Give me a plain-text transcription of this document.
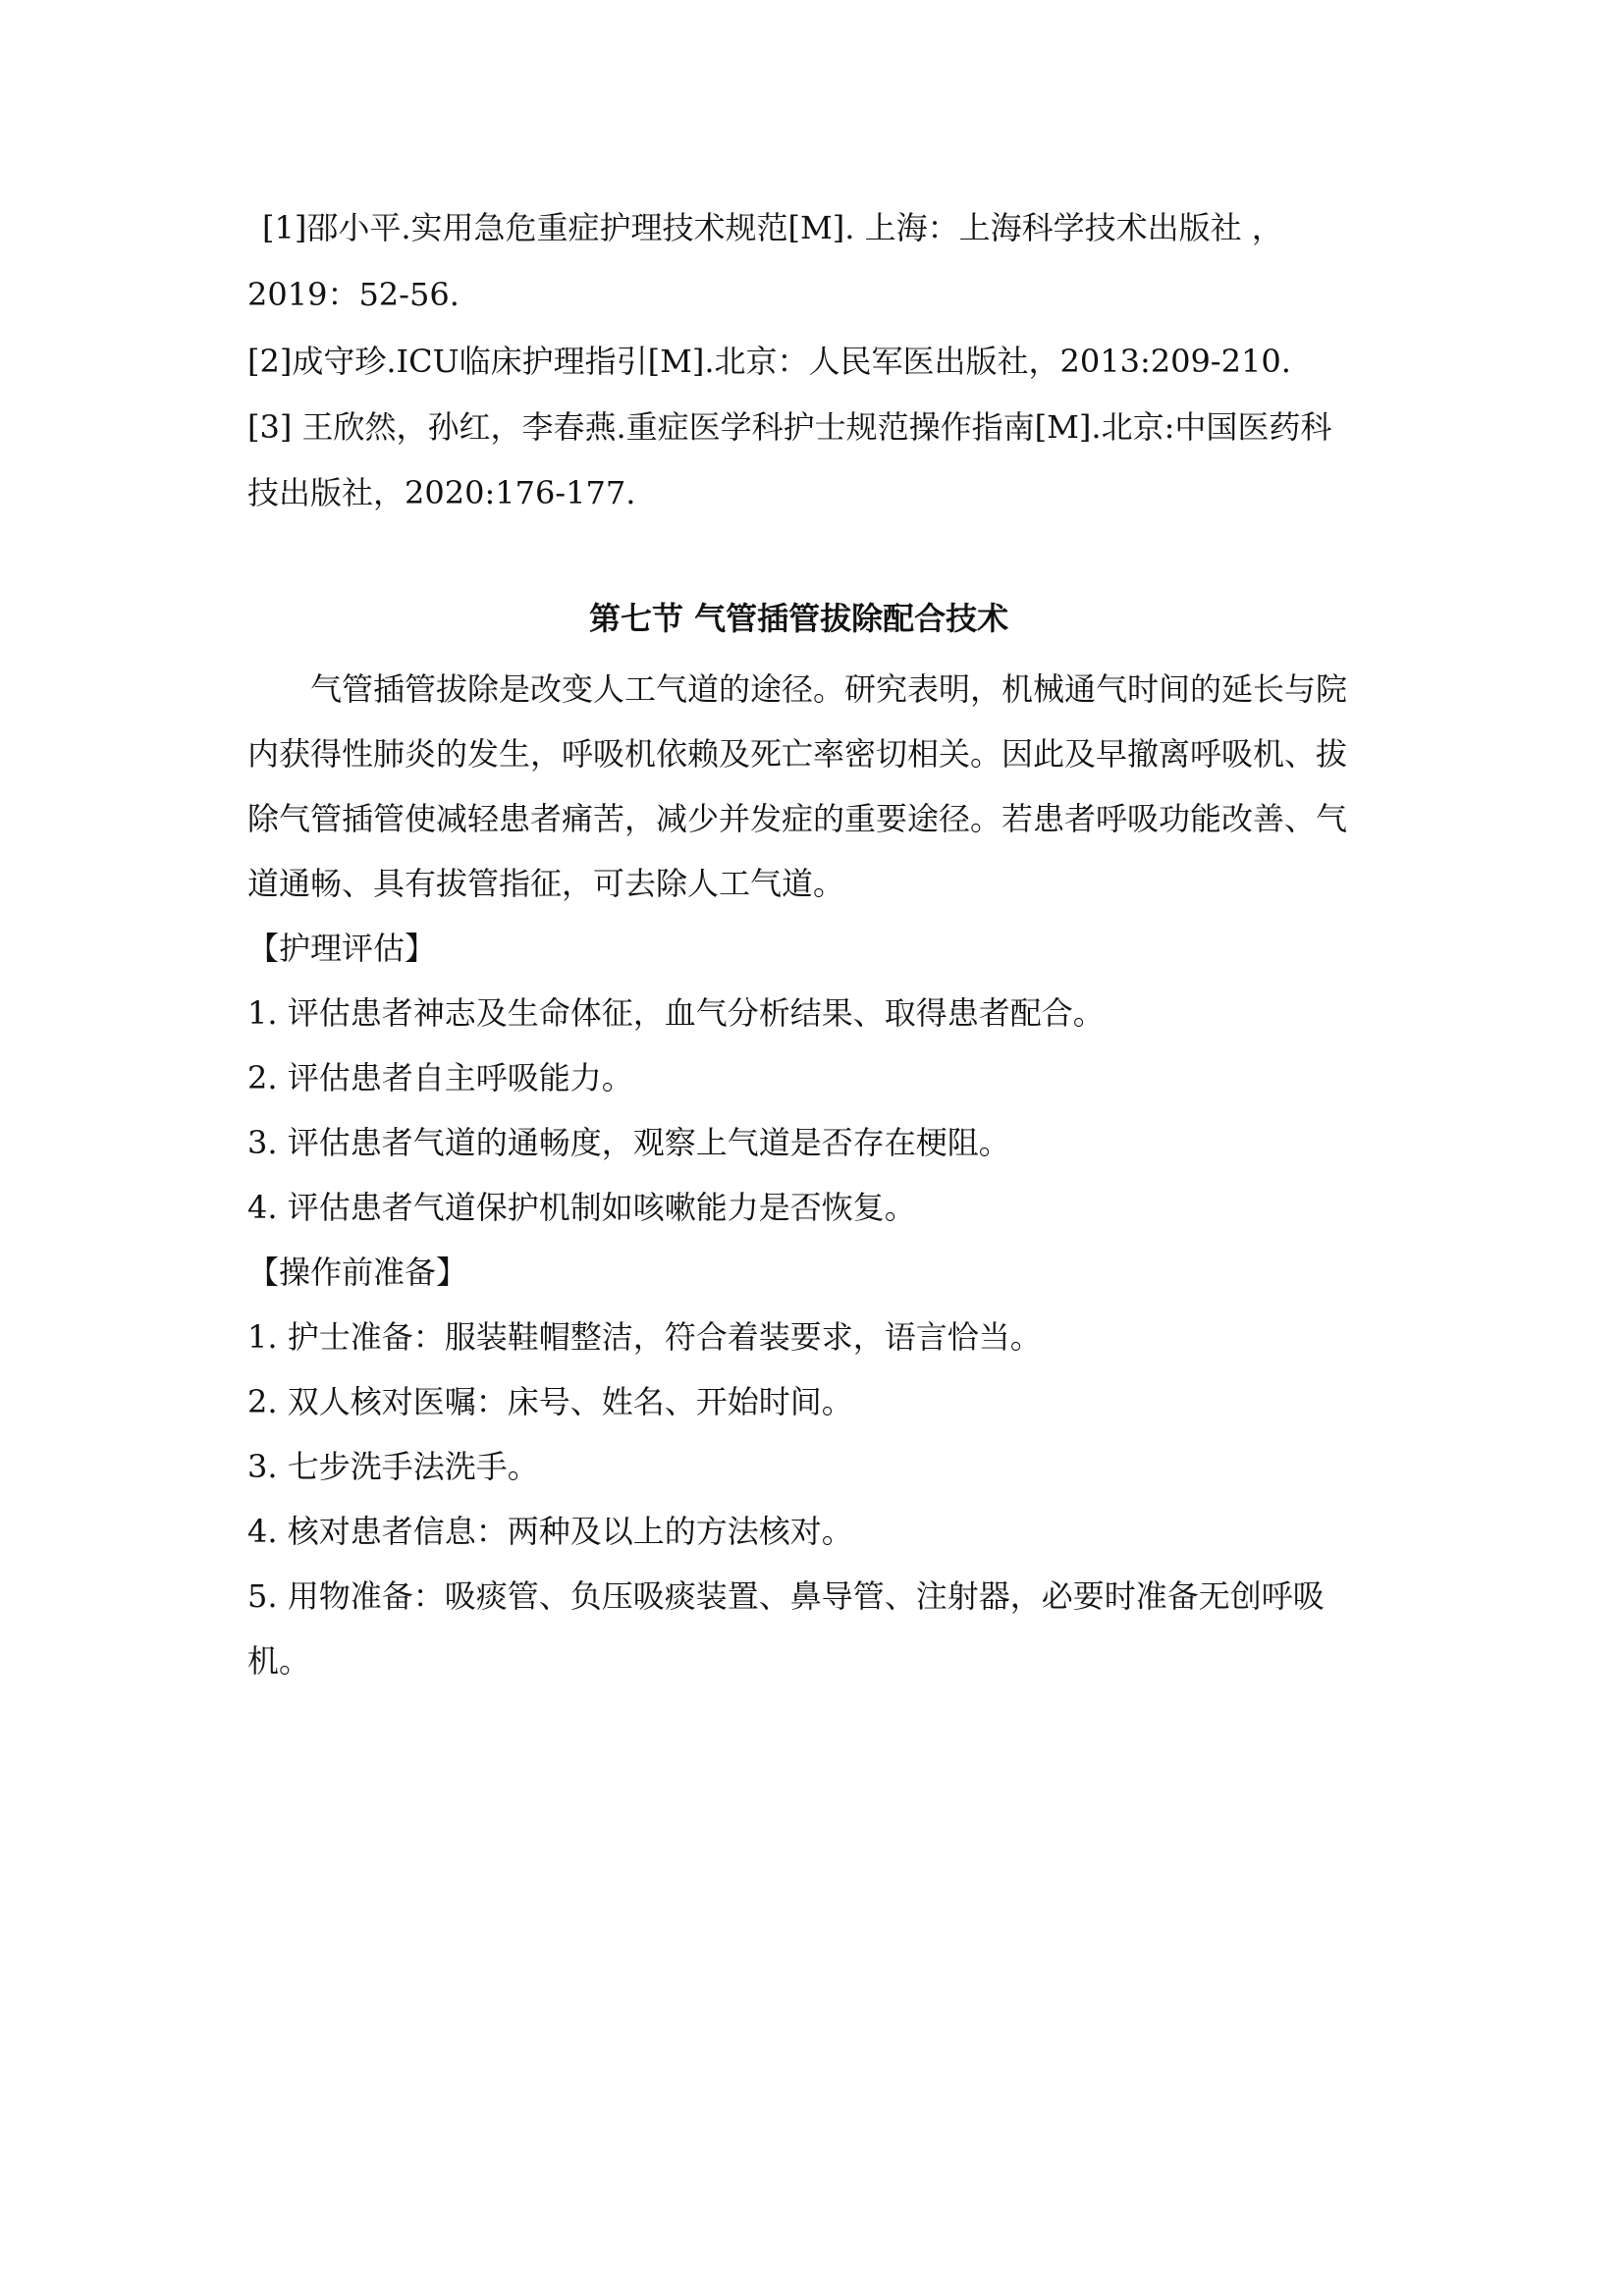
[1]邵小平.实用急危重症护理技术规范[M]. 上海：上海科学技术出版社 ，
2019：52-56.
[2]成守珍.ICU临床护理指引[M].北京：人民军医出版社，2013:209-210.
[3] 王欣然，孙红，李春燕.重症医学科护士规范操作指南[M].北京:中国医药科
技出版社，2020:176-177.
第七节 气管插管拔除配合技术
气管插管拔除是改变人工气道的途径。研究表明，机械通气时间的延长与院
内获得性肺炎的发生，呼吸机依赖及死亡率密切相关。因此及早撤离呼吸机、拔
除气管插管使减轻患者痛苦，减少并发症的重要途径。若患者呼吸功能改善、气
道通畅、具有拔管指征，可去除人工气道。
【护理评估】
1. 评估患者神志及生命体征，血气分析结果、取得患者配合。
2. 评估患者自主呼吸能力。
3. 评估患者气道的通畅度，观察上气道是否存在梗阻。
4. 评估患者气道保护机制如咳嗽能力是否恢复。
【操作前准备】
1. 护士准备：服装鞋帽整洁，符合着装要求，语言恰当。
2. 双人核对医嘱：床号、姓名、开始时间。
3. 七步洗手法洗手。
4. 核对患者信息：两种及以上的方法核对。
5. 用物准备：吸痰管、负压吸痰装置、鼻导管、注射器，必要时准备无创呼吸
机。
